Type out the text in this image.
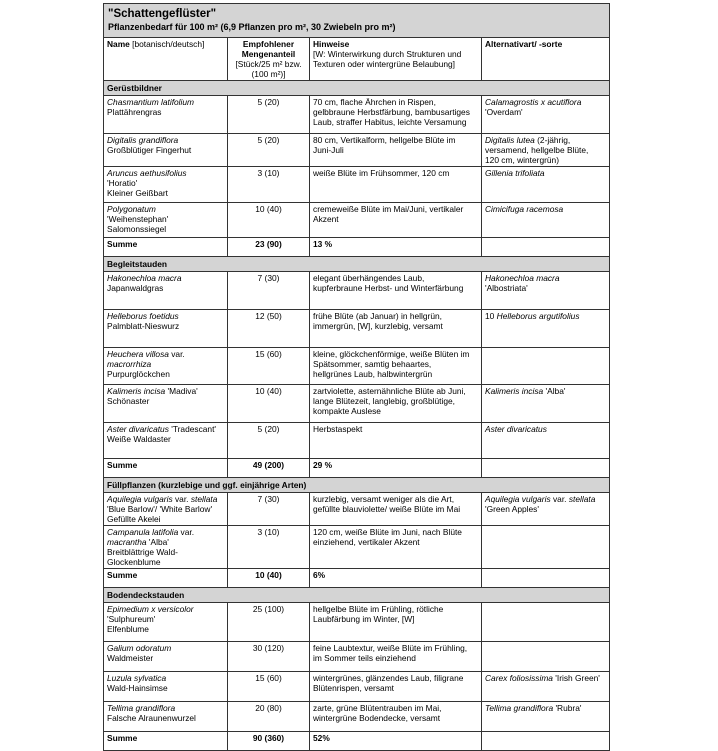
"Schattengeflüster"
Pflanzenbedarf für 100 m² (6,9 Pflanzen pro m², 30 Zwiebeln pro m²)			

Name [botanisch/deutsch]	Empfohlener
Mengenanteil
[Stück/25 m² bzw.
(100 m²)]	Hinweise
[W: Winterwirkung durch Strukturen und
Texturen oder wintergrüne Belaubung]	Alternativart/ -sorte
Gerüstbildner			

Chasmantium latifolium
Plattährengras	5 (20)	70 cm, flache Ährchen in Rispen,
gelbbraune Herbstfärbung, bambusartiges
Laub, straffer Habitus, leichte Versamung	Calamagrostis x acutiflora
'Overdam'

Digitalis grandiflora
Großblütiger Fingerhut	5 (20)	80 cm, Vertikalform, hellgelbe Blüte im
Juni-Juli	Digitalis lutea (2-jährig,
versamend, hellgelbe Blüte,
120 cm, wintergrün)

Aruncus aethusifolius
'Horatio'
Kleiner Geißbart	3 (10)	weiße Blüte im Frühsommer, 120 cm	Gillenia trifoliata

Polygonatum
'Weihenstephan'
Salomonssiegel	10 (40)	cremeweiße Blüte im Mai/Juni, vertikaler
Akzent	Cimicifuga racemosa

Summe	23 (90)	13 %	
Begleitstauden			

Hakonechloa macra
Japanwaldgras	7 (30)	elegant überhängendes Laub,
kupferbraune Herbst- und Winterfärbung	Hakonechloa macra
'Albostriata'

Helleborus foetidus
Palmblatt-Nieswurz	12 (50)	frühe Blüte (ab Januar) in hellgrün,
immergrün, [W], kurzlebig, versamt	10 Helleborus argutifolius

Heuchera villosa var.
macrorrhiza
Purpurglöckchen	15 (60)	kleine, glöckchenförmige, weiße Blüten im
Spätsommer, samtig behaartes,
hellgrünes Laub, halbwintergrün	

Kalimeris incisa 'Madiva'
Schönaster	10 (40)	zartviolette, asternähnliche Blüte ab Juni,
lange Blütezeit, langlebig, großblütige,
kompakte Auslese	Kalimeris incisa 'Alba'

Aster divaricatus 'Tradescant'
Weiße Waldaster	5 (20)	Herbstaspekt	Aster divaricatus

Summe	49 (200)	29 %	
Füllpflanzen (kurzlebige und ggf. einjährige Arten)			

Aquilegia vulgaris var. stellata
'Blue Barlow'/ 'White Barlow'
Gefüllte Akelei	7 (30)	kurzlebig, versamt weniger als die Art,
gefüllte blauviolette/ weiße Blüte im Mai	Aquilegia vulgaris var. stellata
'Green Apples'

Campanula latifolia var.
macrantha 'Alba'
Breitblättrige Wald-
Glockenblume	3 (10)	120 cm, weiße Blüte im Juni, nach Blüte
einziehend, vertikaler Akzent	

Summe	10 (40)	6%	
Bodendeckstauden			

Epimedium x versicolor
'Sulphureum'
Elfenblume	25 (100)	hellgelbe Blüte im Frühling, rötliche
Laubfärbung im Winter, [W]	

Galium odoratum
Waldmeister	30 (120)	feine Laubtextur, weiße Blüte im Frühling,
im Sommer teils einziehend	

Luzula sylvatica
Wald-Hainsimse	15 (60)	wintergrünes, glänzendes Laub, filigrane
Blütenrispen, versamt	Carex foliosissima 'Irish Green'

Tellima grandiflora
Falsche Alraunenwurzel	20 (80)	zarte, grüne Blütentrauben im Mai,
wintergrüne Bodendecke, versamt	Tellima grandiflora 'Rubra'

Summe	90 (360)	52%	
